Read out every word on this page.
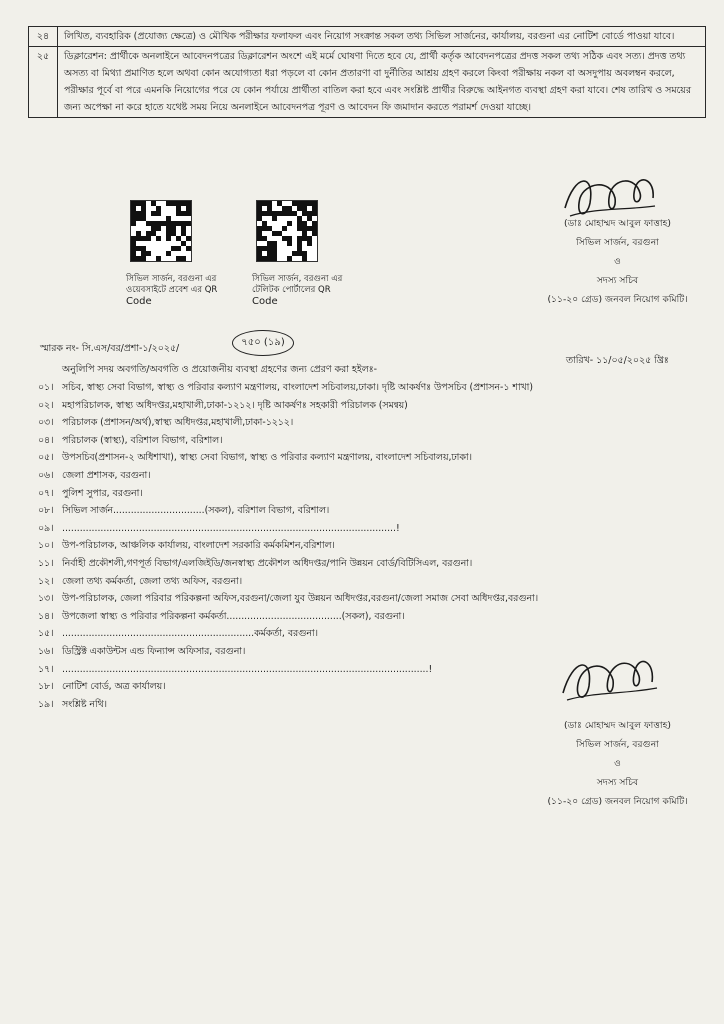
২৪	লিখিত, ব্যবহারিক (প্রযোজ্য ক্ষেত্রে) ও মৌখিক পরীক্ষার ফলাফল এবং নিয়োগ সংক্রান্ত সকল তথ্য সিভিল সার্জনের, কার্যালয়, বরগুনা এর নোটিশ বোর্ডে পাওয়া যাবে।
২৫	ডিক্লারেশন: প্রার্থীকে অনলাইনে আবেদনপত্রের ডিক্লারেশন অংশে এই মর্মে ঘোষণা দিতে হবে যে, প্রার্থী কর্তৃক আবেদনপত্রের প্রদত্ত সকল তথ্য সঠিক এবং সত্য। প্রদত্ত তথ্য অসত্য বা মিথ্যা প্রমাণিত হলে অথবা কোন অযোগ্যতা ধরা পড়লে বা কোন প্রতারণা বা দুর্নীতির আশ্রয় গ্রহণ করলে কিংবা পরীক্ষায় নকল বা অসদুপায় অবলম্বন করলে, পরীক্ষার পূর্বে বা পরে এমনকি নিয়োগের পরে যে কোন পর্যায়ে প্রার্থীতা বাতিল করা হবে এবং সংশ্লিষ্ট প্রার্থীর বিরুদ্ধে আইনগত ব্যবস্থা গ্রহণ করা যাবে। শেষ তারিখ ও সময়ের জন্য অপেক্ষা না করে হাতে যথেষ্ট সময় নিয়ে অনলাইনে আবেদনপত্র পূরণ ও আবেদন ফি জমাদান করতে পরামর্শ দেওয়া যাচ্ছে।
(ডাঃ মোহাম্মদ আবুল ফাত্তাহ)
সিভিল সার্জন, বরগুনা
ও
সদস্য সচিব
(১১-২০ গ্রেড) জনবল নিয়োগ কমিটি।
সিভিল সার্জন, বরগুনা এর ওয়েবসাইটে প্রবেশ এর QR
Code
সিভিল সার্জন, বরগুনা এর টেলিটক পোর্টালের QR
Code
স্মারক নং- সি.এস/বর/প্রশা-১/২০২৫/
৭৫০ (১৯)
তারিখ- ১১/০৫/২০২৫ খ্রিঃ
অনুলিপি সদয় অবগতি/অবগতি ও প্রয়োজনীয় ব্যবস্থা গ্রহণের জন্য প্রেরণ করা হইলঃ-
০১। সচিব, স্বাস্থ্য সেবা বিভাগ, স্বাস্থ্য ও পরিবার কল্যাণ মন্ত্রণালয়, বাংলাদেশ সচিবালয়,ঢাকা। দৃষ্টি আকর্ষণঃ উপসচিব (প্রশাসন-১ শাখা)
০২। মহাপরিচালক, স্বাস্থ্য অধিদপ্তর,মহাখালী,ঢাকা-১২১২। দৃষ্টি আকর্ষণঃ সহকারী পরিচালক (সমন্বয়)
০৩। পরিচালক (প্রশাসন/অর্থ),স্বাস্থ্য অধিদপ্তর,মহাখালী,ঢাকা-১২১২।
০৪। পরিচালক (স্বাস্থ্য), বরিশাল বিভাগ, বরিশাল।
০৫। উপসচিব(প্রশাসন-২ অধিশাখা), স্বাস্থ্য সেবা বিভাগ, স্বাস্থ্য ও পরিবার কল্যাণ মন্ত্রণালয়, বাংলাদেশ সচিবালয়,ঢাকা।
০৬। জেলা প্রশাসক, বরগুনা।
০৭। পুলিশ সুপার, বরগুনা।
০৮। সিভিল সার্জন...............................(সকল), বরিশাল বিভাগ, বরিশাল।
০৯। .................................................................................................................!
১০। উপ-পরিচালক, আঞ্চলিক কার্যালয়, বাংলাদেশ সরকারি কর্মকমিশন,বরিশাল।
১১। নির্বাহী প্রকৌশলী,গণপূর্ত বিভাগ/এলজিইডি/জনস্বাস্থ্য প্রকৌশল অধিদপ্তর/পানি উন্নয়ন বোর্ড/বিটিসিএল, বরগুনা।
১২। জেলা তথ্য কর্মকর্তা, জেলা তথ্য অফিস, বরগুনা।
১৩। উপ-পরিচালক, জেলা পরিবার পরিকল্পনা অফিস,বরগুনা/জেলা যুব উন্নয়ন অধিদপ্তর,বরগুনা/জেলা সমাজ সেবা অধিদপ্তর,বরগুনা।
১৪। উপজেলা স্বাস্থ্য ও পরিবার পরিকল্পনা কর্মকর্তা.......................................(সকল), বরগুনা।
১৫। .................................................................কর্মকর্তা, বরগুনা।
১৬। ডিস্ট্রিক্ট একাউন্টস এন্ড ফিন্যান্স অফিসার, বরগুনা।
১৭। ............................................................................................................................!
১৮। নোটিশ বোর্ড, অত্র কার্যালয়।
১৯। সংশ্লিষ্ট নথি।
(ডাঃ মোহাম্মদ আবুল ফাত্তাহ)
সিভিল সার্জন, বরগুনা
ও
সদস্য সচিব
(১১-২০ গ্রেড) জনবল নিয়োগ কমিটি।
